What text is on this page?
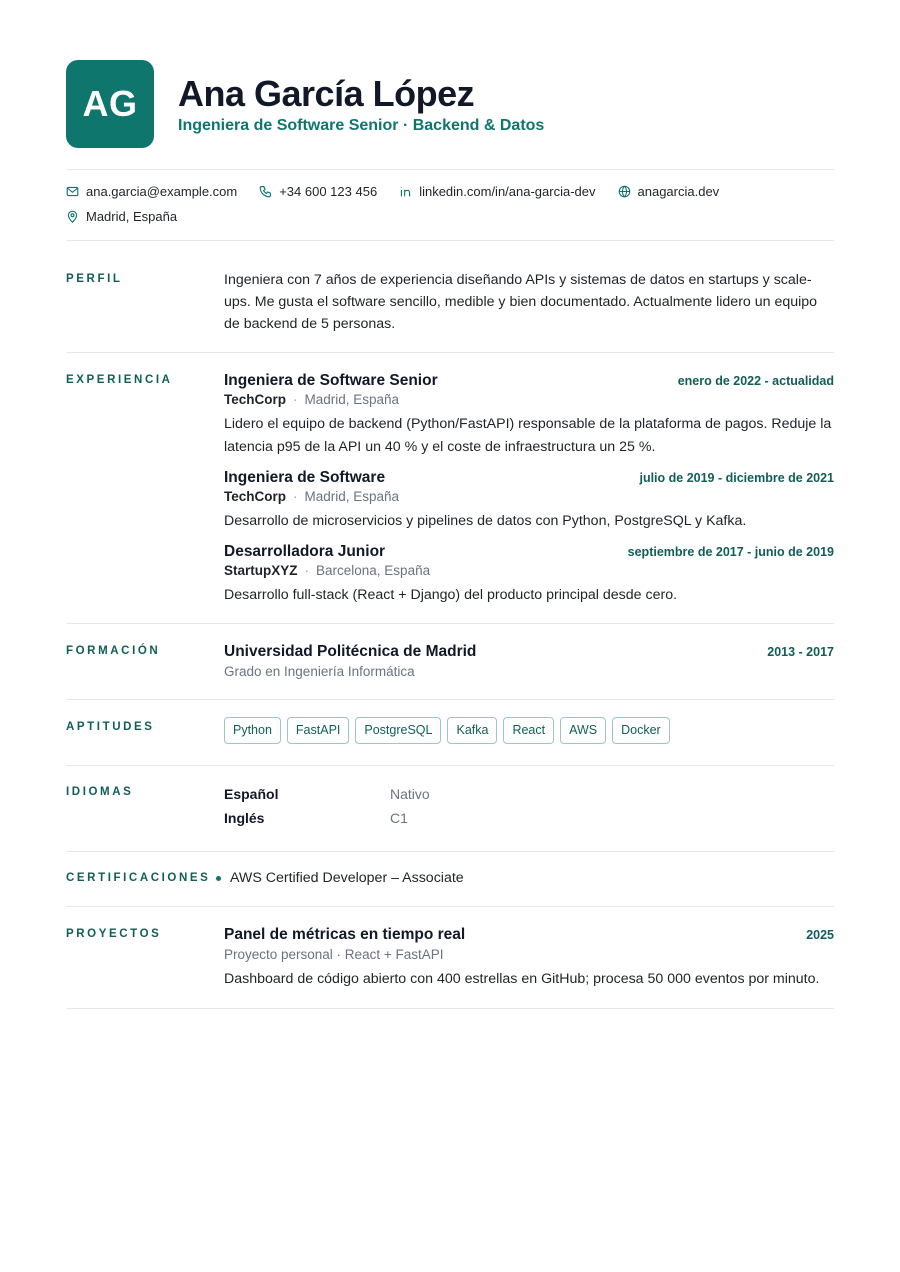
AG	Ana García López
Ingeniera de Software Senior · Backend & Datos
ana.garcia@example.com	+34 600 123 456	linkedin.com/in/ana-garcia-dev	anagarcia.dev
Madrid, España
PERFIL	Ingeniera con 7 años de experiencia diseñando APIs y sistemas de datos en startups y scale-ups. Me gusta el software sencillo, medible y bien documentado. Actualmente lidero un equipo de backend de 5 personas.
EXPERIENCIA	Ingeniera de Software Senior	enero de 2022 - actualidad
TechCorp · Madrid, España
Lidero el equipo de backend (Python/FastAPI) responsable de la plataforma de pagos. Reduje la latencia p95 de la API un 40 % y el coste de infraestructura un 25 %.
Ingeniera de Software	julio de 2019 - diciembre de 2021
TechCorp · Madrid, España
Desarrollo de microservicios y pipelines de datos con Python, PostgreSQL y Kafka.
Desarrolladora Junior	septiembre de 2017 - junio de 2019
StartupXYZ · Barcelona, España
Desarrollo full-stack (React + Django) del producto principal desde cero.
FORMACIÓN	Universidad Politécnica de Madrid	2013 - 2017
Grado en Ingeniería Informática
APTITUDES	Python	FastAPI	PostgreSQL	Kafka	React	AWS	Docker
IDIOMAS	Español	Nativo
Inglés	C1
CERTIFICACIONES	AWS Certified Developer – Associate
PROYECTOS	Panel de métricas en tiempo real	2025
Proyecto personal · React + FastAPI
Dashboard de código abierto con 400 estrellas en GitHub; procesa 50 000 eventos por minuto.
